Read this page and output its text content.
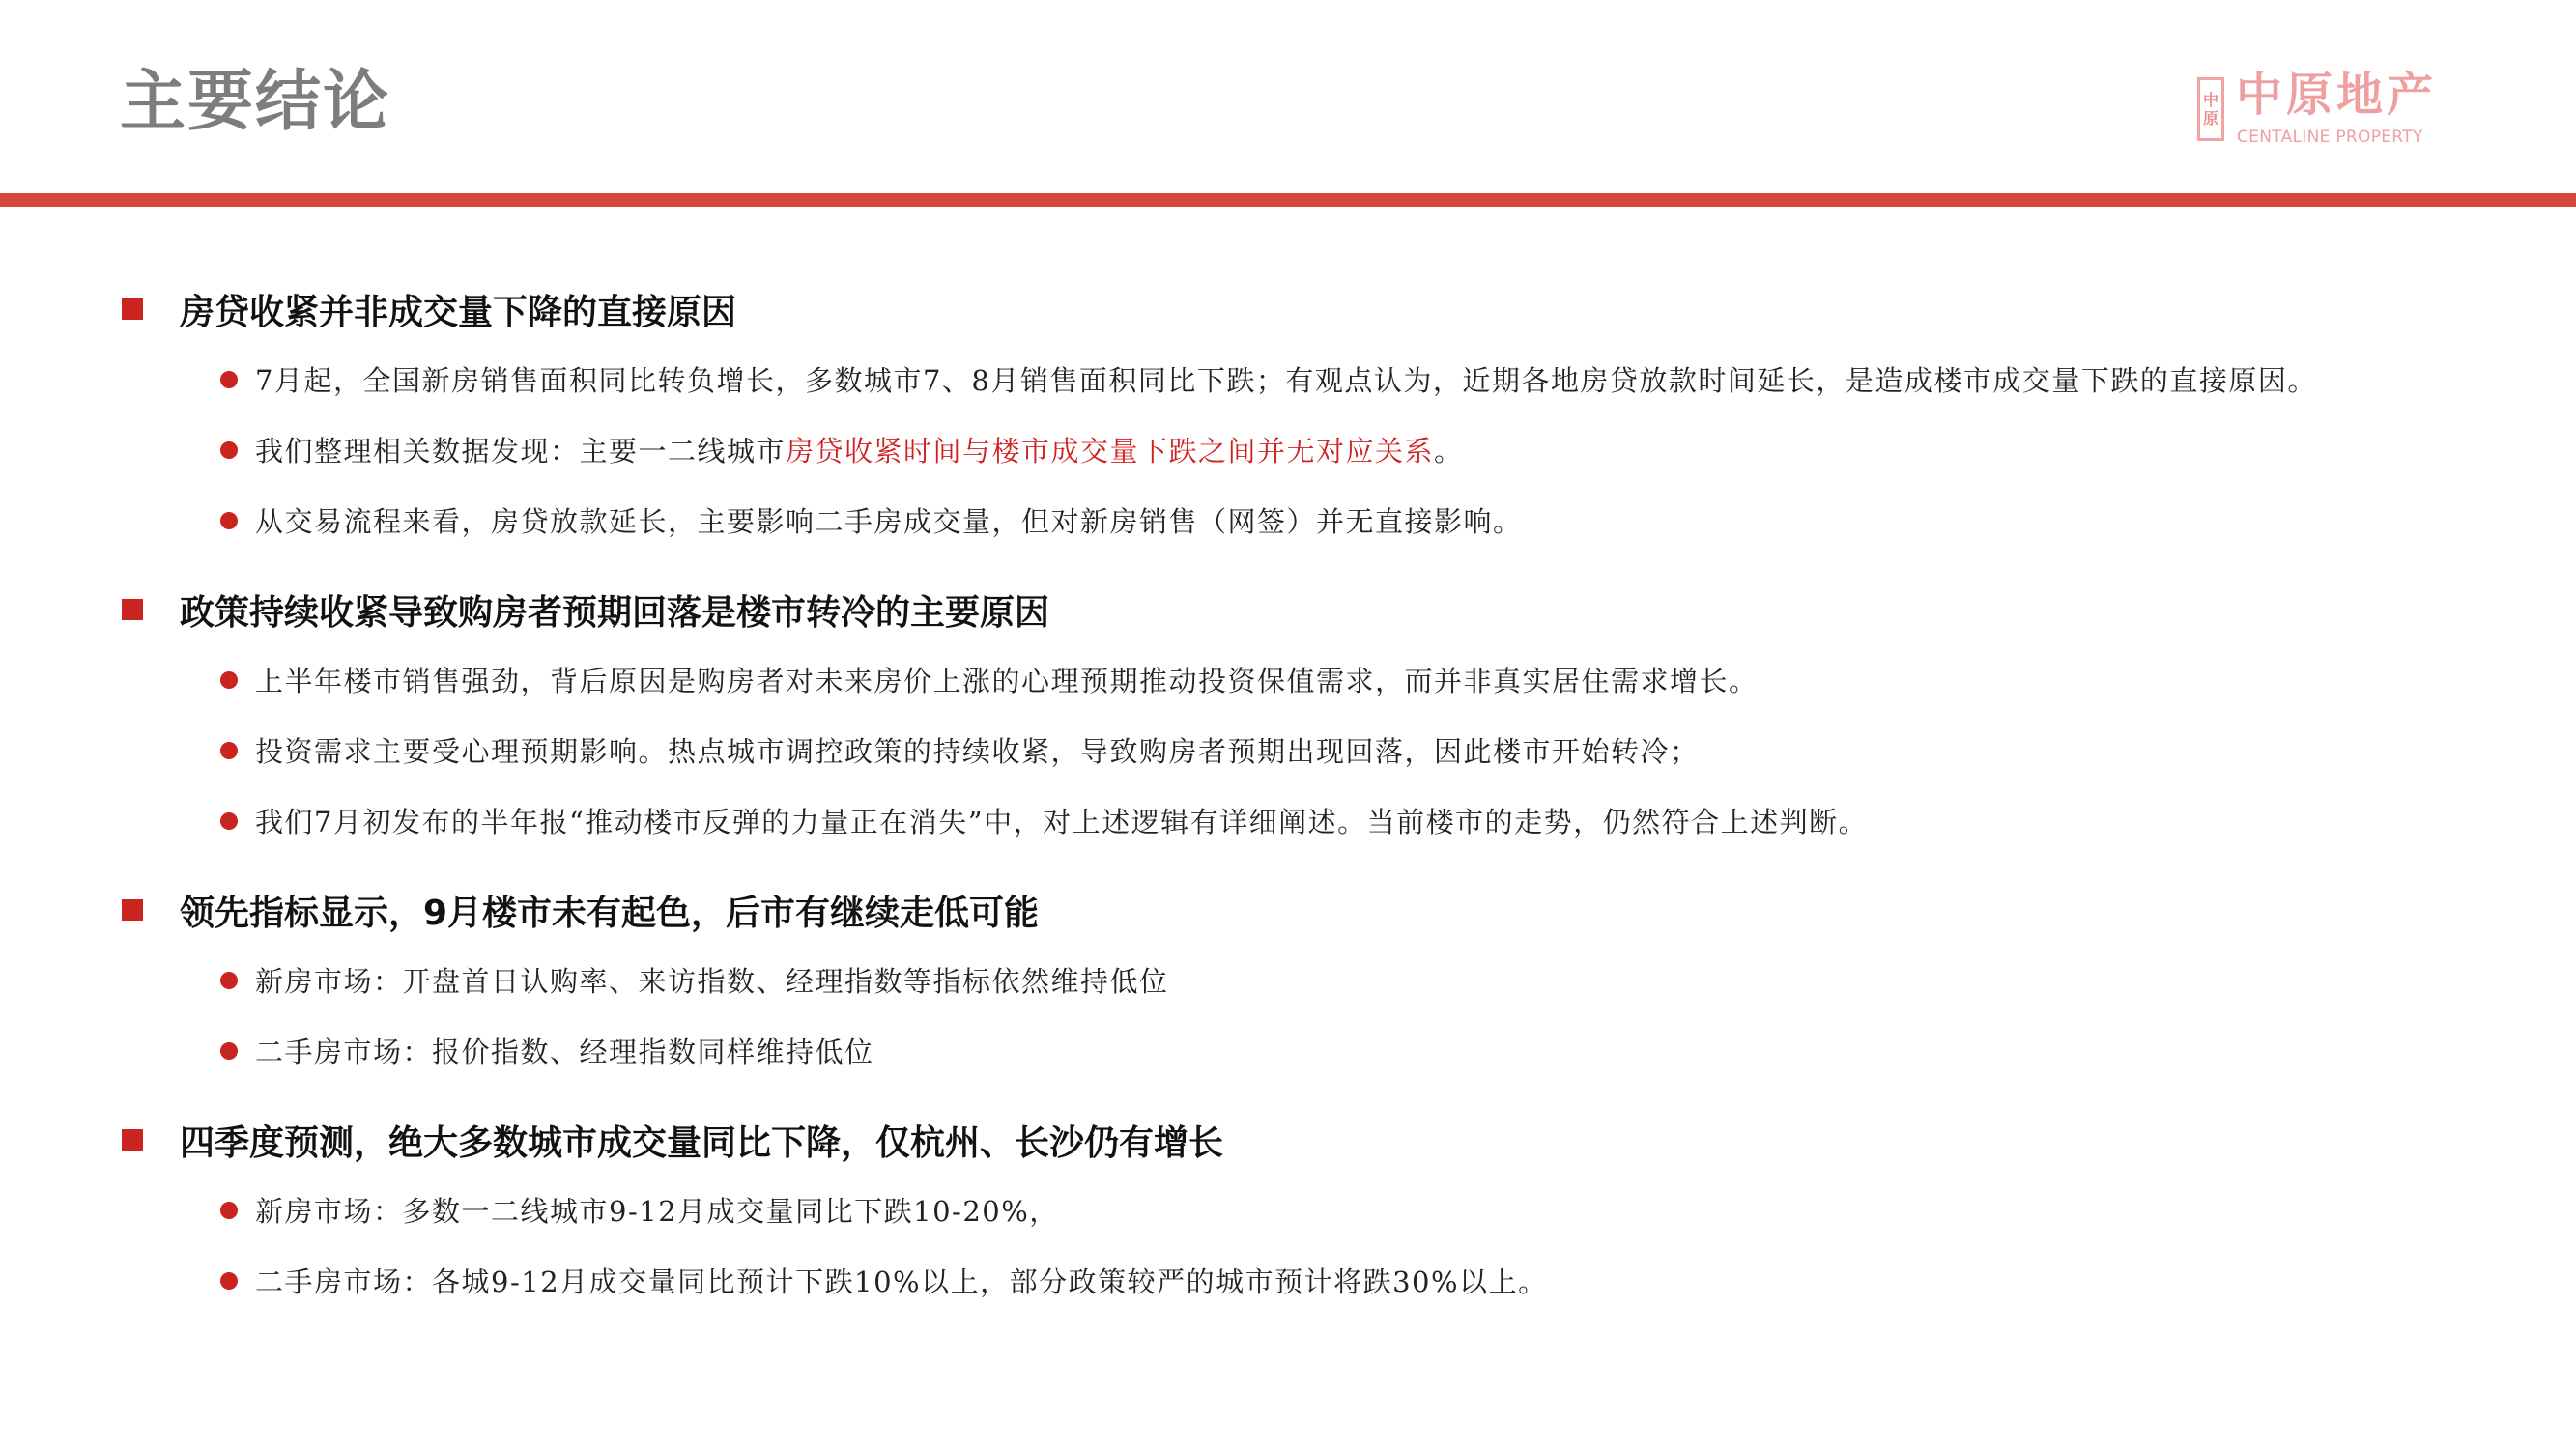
主要结论	中
原 中原地产
CENTALINE PROPERTY
房贷收紧并非成交量下降的直接原因
7月起，全国新房销售面积同比转负增长，多数城市7、8月销售面积同比下跌；有观点认为，近期各地房贷放款时间延长，是造成楼市成交量下跌的直接原因。
我们整理相关数据发现：主要一二线城市房贷收紧时间与楼市成交量下跌之间并无对应关系。
从交易流程来看，房贷放款延长，主要影响二手房成交量，但对新房销售（网签）并无直接影响。
政策持续收紧导致购房者预期回落是楼市转冷的主要原因
上半年楼市销售强劲，背后原因是购房者对未来房价上涨的心理预期推动投资保值需求，而并非真实居住需求增长。
投资需求主要受心理预期影响。热点城市调控政策的持续收紧，导致购房者预期出现回落，因此楼市开始转冷；
我们7月初发布的半年报“推动楼市反弹的力量正在消失”中，对上述逻辑有详细阐述。当前楼市的走势，仍然符合上述判断。
领先指标显示，9月楼市未有起色，后市有继续走低可能
新房市场：开盘首日认购率、来访指数、经理指数等指标依然维持低位
二手房市场：报价指数、经理指数同样维持低位
四季度预测，绝大多数城市成交量同比下降，仅杭州、长沙仍有增长
新房市场：多数一二线城市9-12月成交量同比下跌10-20%，
二手房市场：各城9-12月成交量同比预计下跌10%以上，部分政策较严的城市预计将跌30%以上。
